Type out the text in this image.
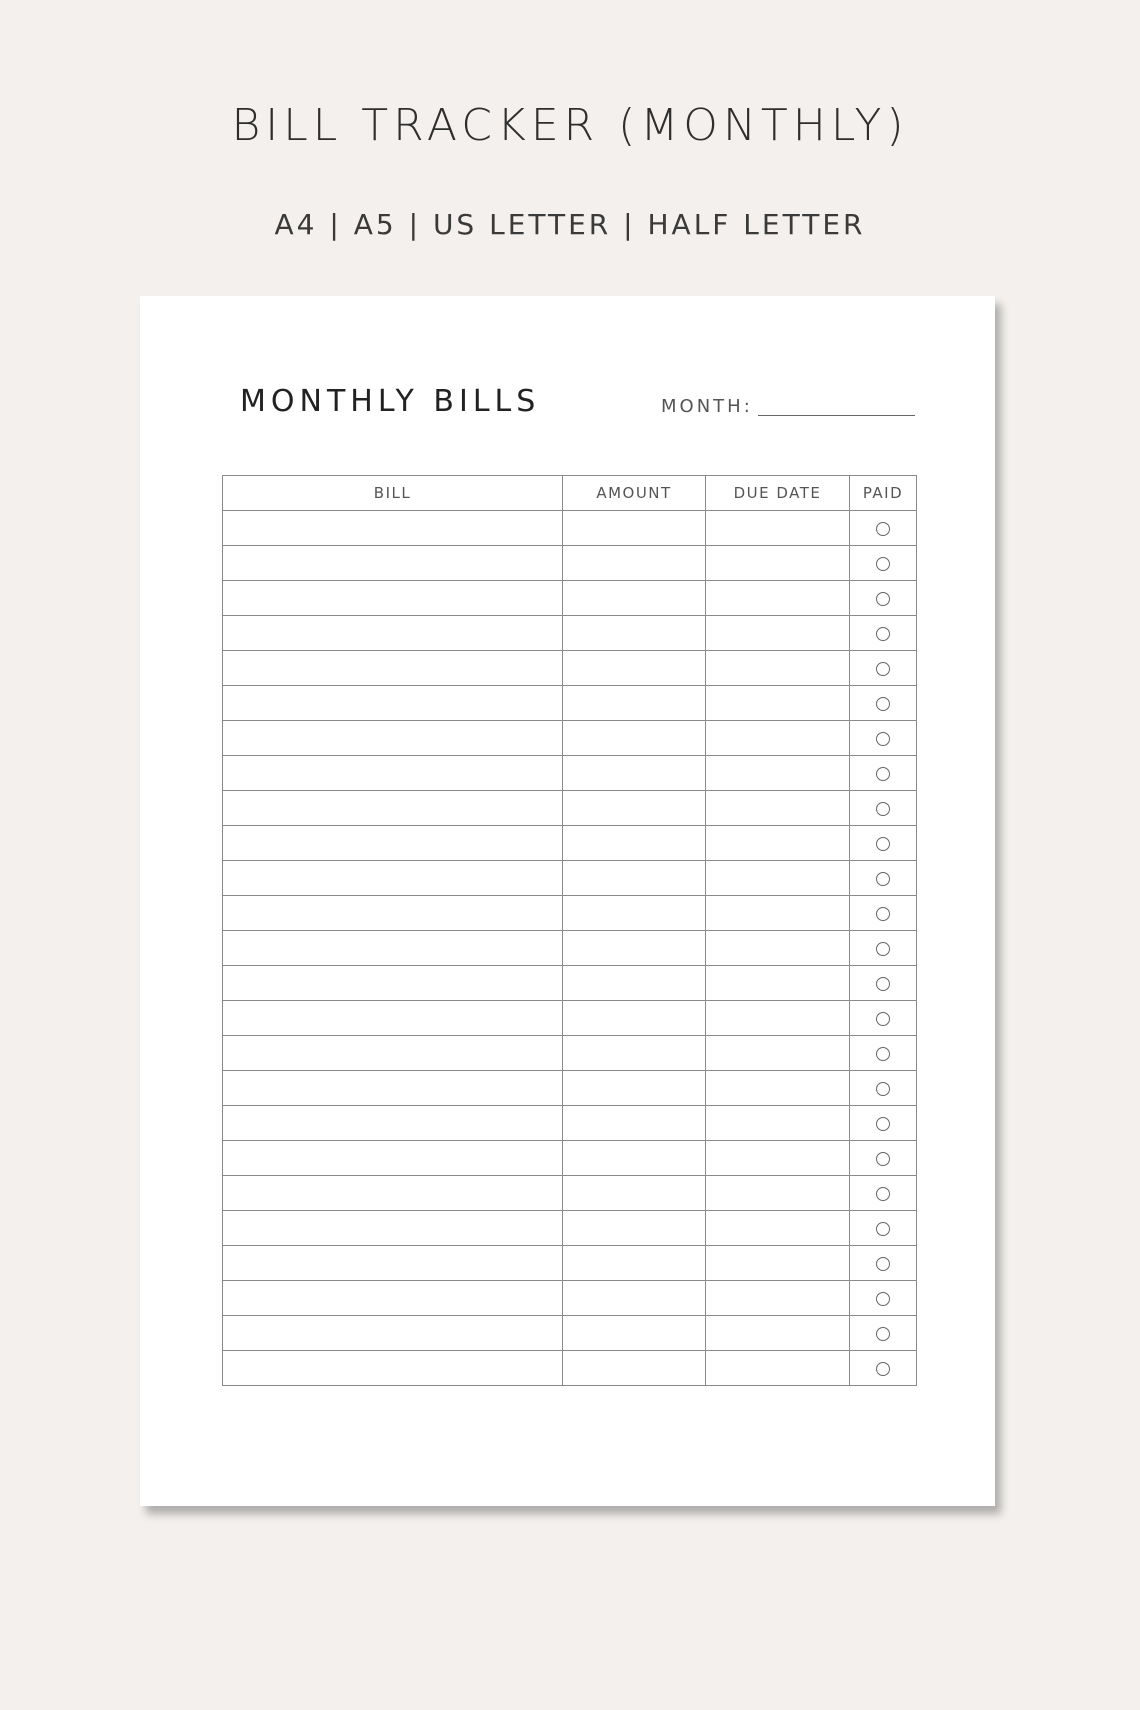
BILL TRACKER (MONTHLY)
A4 | A5 | US LETTER | HALF LETTER
MONTHLY BILLS	MONTH:
BILL	AMOUNT	DUE DATE	PAID
